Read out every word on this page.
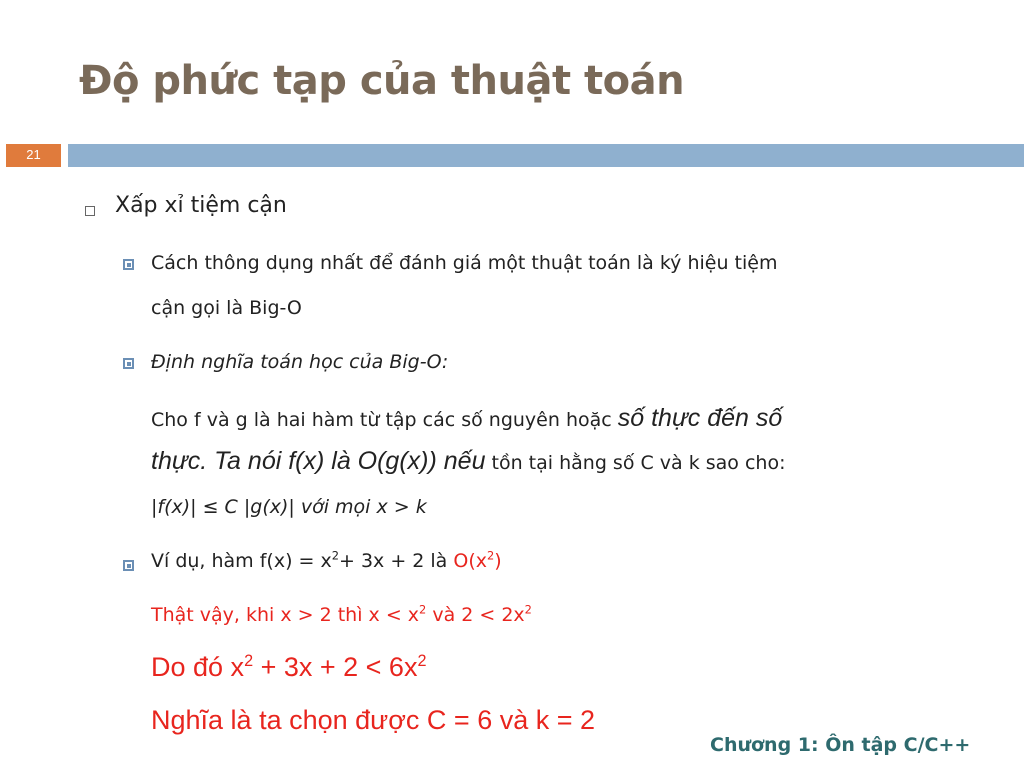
Độ phức tạp của thuật toán
21
Xấp xỉ tiệm cận
Cách thông dụng nhất để đánh giá một thuật toán là ký hiệu tiệm
cận gọi là Big-O
Định nghĩa toán học của Big-O:
Cho f và g là hai hàm từ tập các số nguyên hoặc số thực đến số
thực. Ta nói f(x) là O(g(x)) nếu tồn tại hằng số C và k sao cho:
|f(x)| ≤ C |g(x)| với mọi x > k
Ví dụ, hàm $f(x) = x^2+ 3x + 2$ là $O(x^2)$
Thật vậy, khi x > 2 thì $x < x^2$ và $2 < 2x^2$
Do đó $x^2 + 3x + 2 < 6x^2$
Nghĩa là ta chọn được C = 6 và k = 2
Chương 1: Ôn tập C/C++
